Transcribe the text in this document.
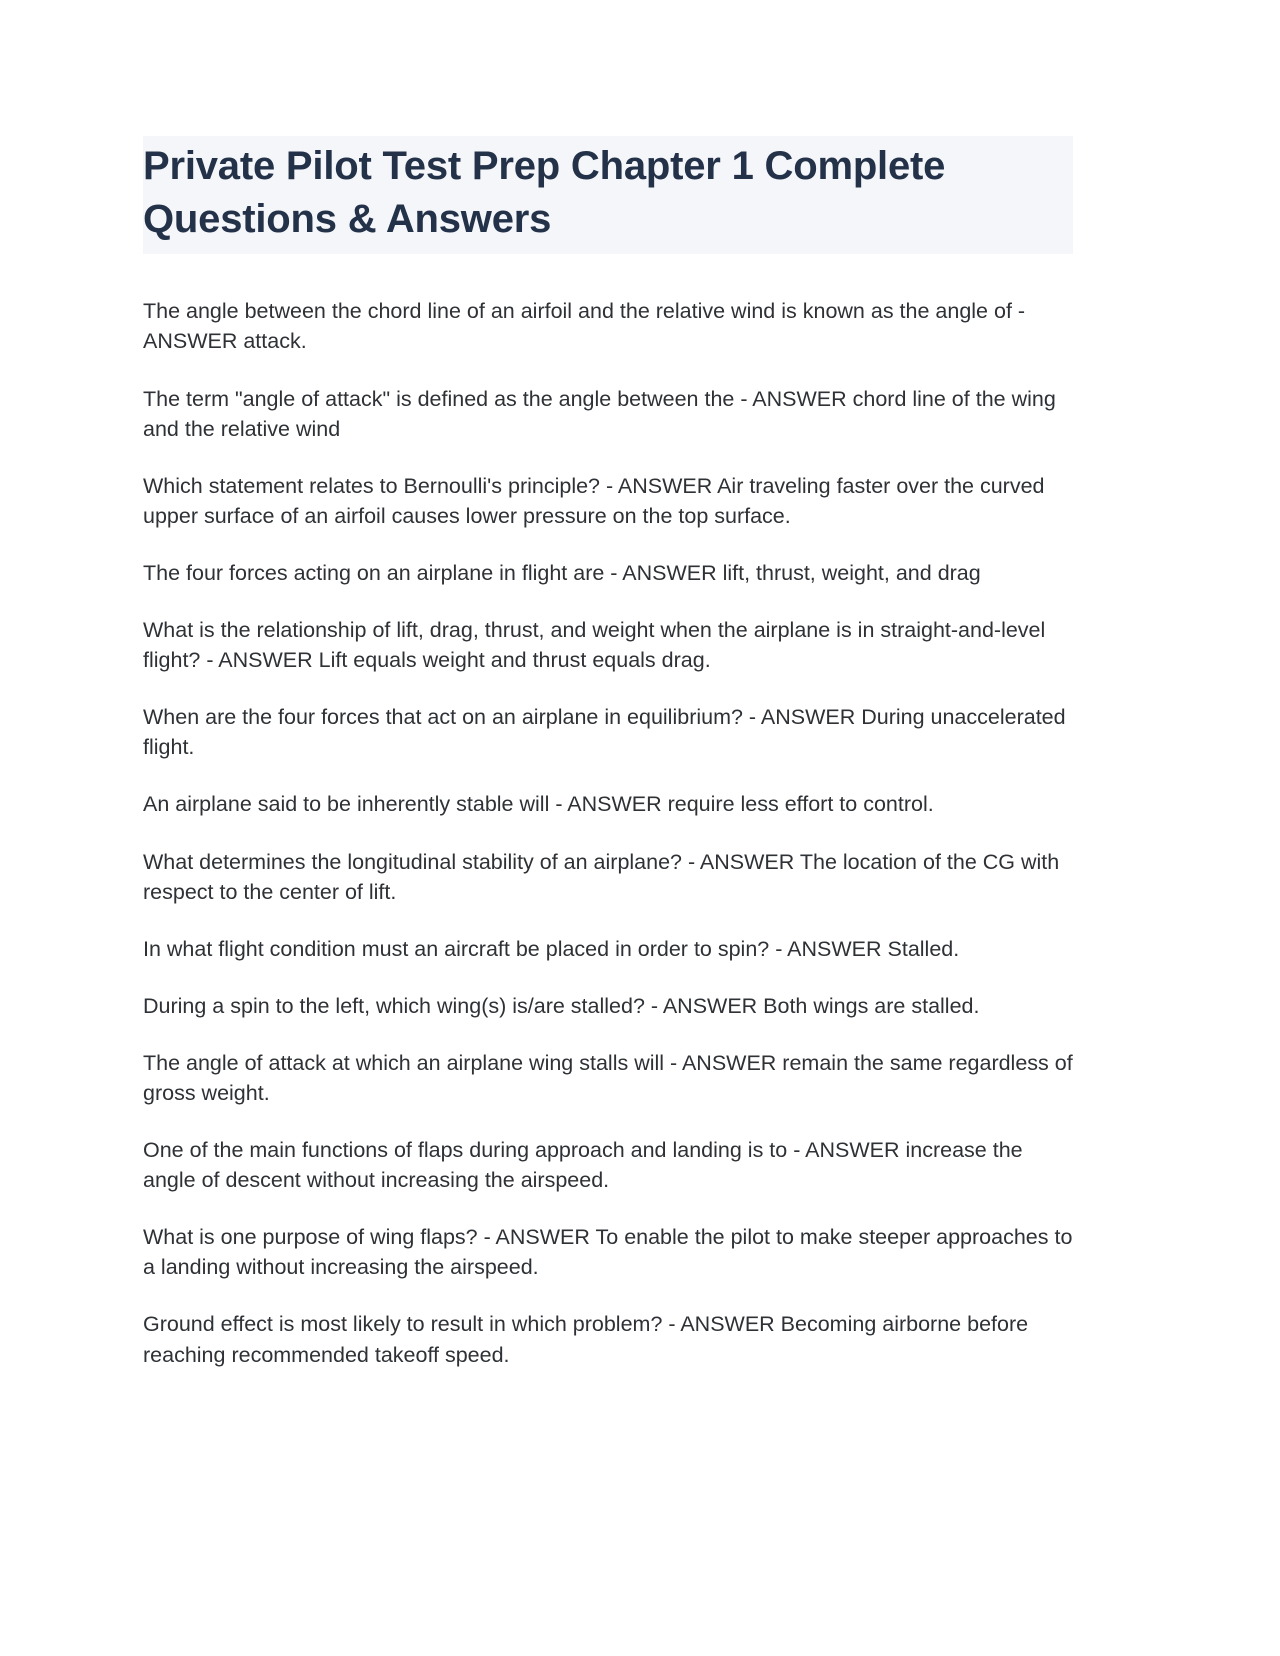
Private Pilot Test Prep Chapter 1 Complete Questions & Answers

The angle between the chord line of an airfoil and the relative wind is known as the angle of - ANSWER attack.

The term "angle of attack" is defined as the angle between the - ANSWER chord line of the wing and the relative wind

Which statement relates to Bernoulli's principle? - ANSWER Air traveling faster over the curved upper surface of an airfoil causes lower pressure on the top surface.

The four forces acting on an airplane in flight are - ANSWER lift, thrust, weight, and drag

What is the relationship of lift, drag, thrust, and weight when the airplane is in straight-and-level flight? - ANSWER Lift equals weight and thrust equals drag.

When are the four forces that act on an airplane in equilibrium? - ANSWER During unaccelerated flight.

An airplane said to be inherently stable will - ANSWER require less effort to control.

What determines the longitudinal stability of an airplane? - ANSWER The location of the CG with respect to the center of lift.

In what flight condition must an aircraft be placed in order to spin? - ANSWER Stalled.

During a spin to the left, which wing(s) is/are stalled? - ANSWER Both wings are stalled.

The angle of attack at which an airplane wing stalls will - ANSWER remain the same regardless of gross weight.

One of the main functions of flaps during approach and landing is to - ANSWER increase the angle of descent without increasing the airspeed.

What is one purpose of wing flaps? - ANSWER To enable the pilot to make steeper approaches to a landing without increasing the airspeed.

Ground effect is most likely to result in which problem? - ANSWER Becoming airborne before reaching recommended takeoff speed.
